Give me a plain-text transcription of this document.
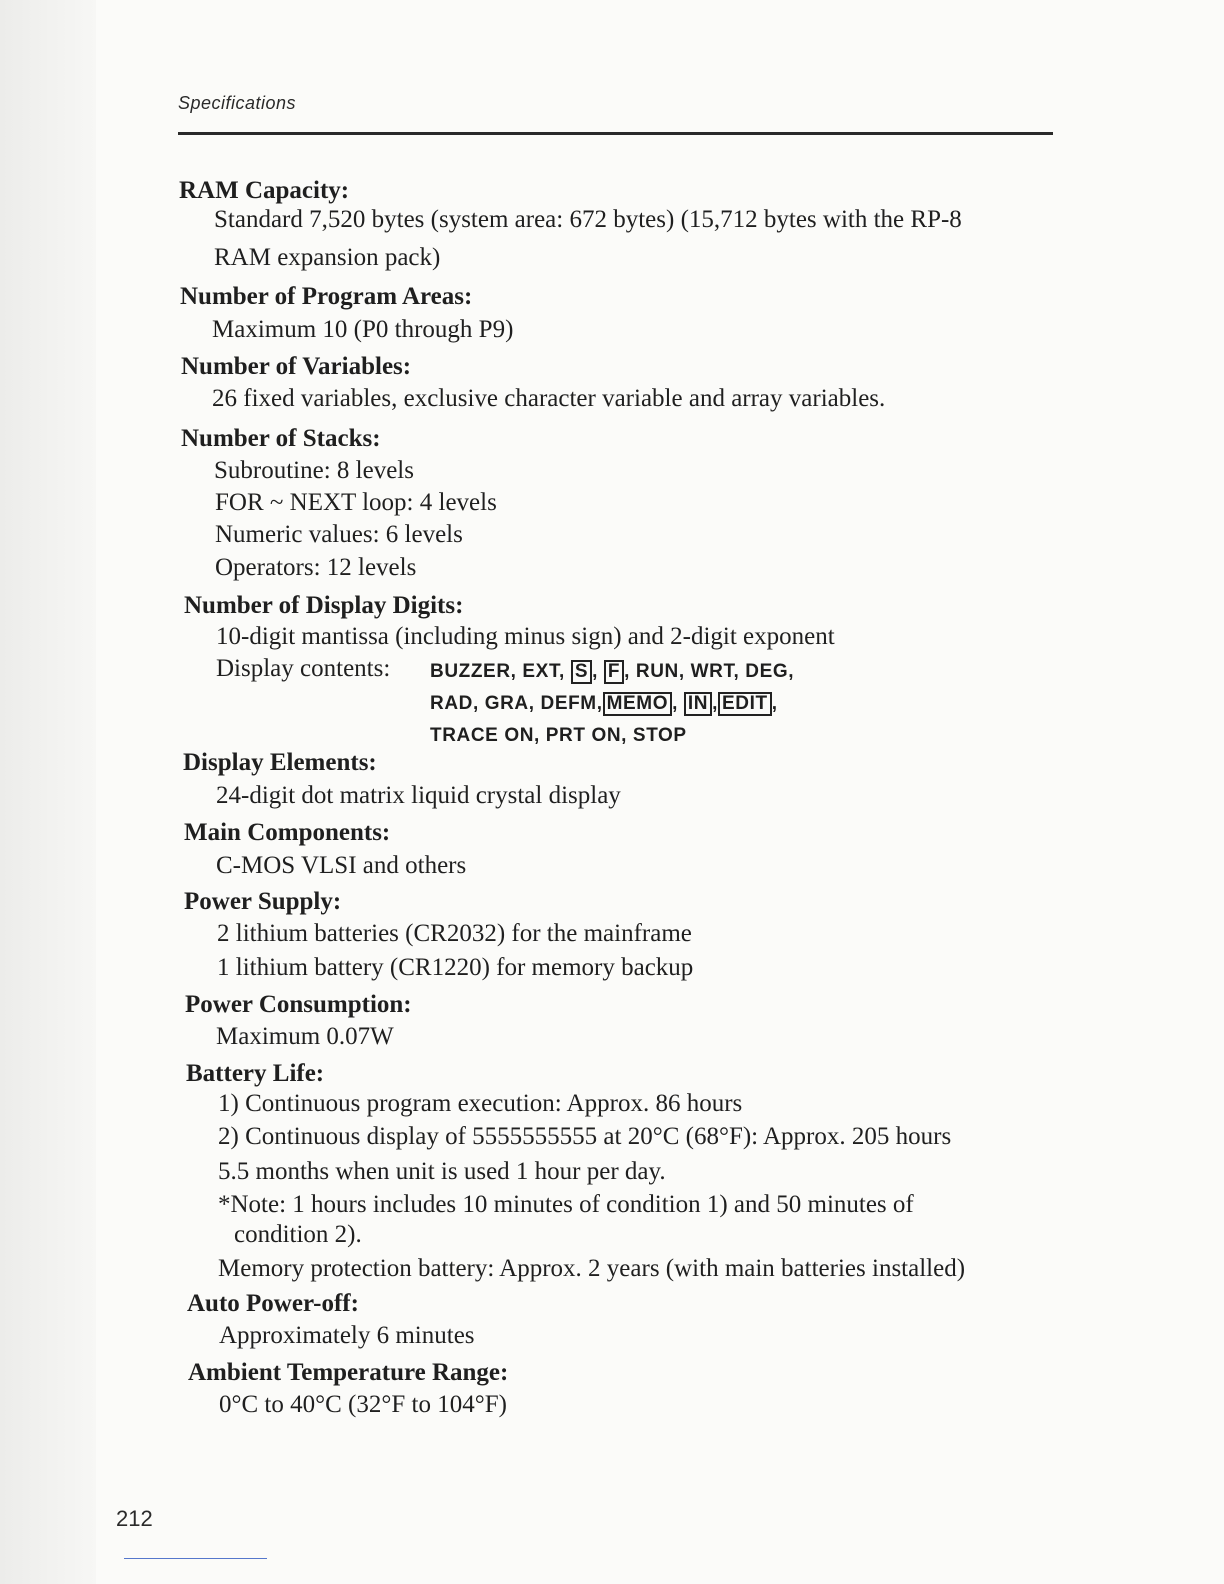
Specifications
RAM Capacity:
Standard 7,520 bytes (system area: 672 bytes) (15,712 bytes with the RP-8
RAM expansion pack)
Number of Program Areas:
Maximum 10 (P0 through P9)
Number of Variables:
26 fixed variables, exclusive character variable and array variables.
Number of Stacks:
Subroutine: 8 levels
FOR ~ NEXT loop: 4 levels
Numeric values: 6 levels
Operators: 12 levels
Number of Display Digits:
10-digit mantissa (including minus sign) and 2-digit exponent
Display contents: BUZZER, EXT, S , F , RUN, WRT, DEG,
RAD, GRA, DEFM, MEMO , IN , EDIT ,
TRACE ON, PRT ON, STOP
Display Elements:
24-digit dot matrix liquid crystal display
Main Components:
C-MOS VLSI and others
Power Supply:
2 lithium batteries (CR2032) for the mainframe
1 lithium battery (CR1220) for memory backup
Power Consumption:
Maximum 0.07W
Battery Life:
1) Continuous program execution: Approx. 86 hours
2) Continuous display of 5555555555 at 20°C (68°F): Approx. 205 hours
5.5 months when unit is used 1 hour per day.
*Note: 1 hours includes 10 minutes of condition 1) and 50 minutes of
condition 2).
Memory protection battery: Approx. 2 years (with main batteries installed)
Auto Power-off:
Approximately 6 minutes
Ambient Temperature Range:
0°C to 40°C (32°F to 104°F)
212
